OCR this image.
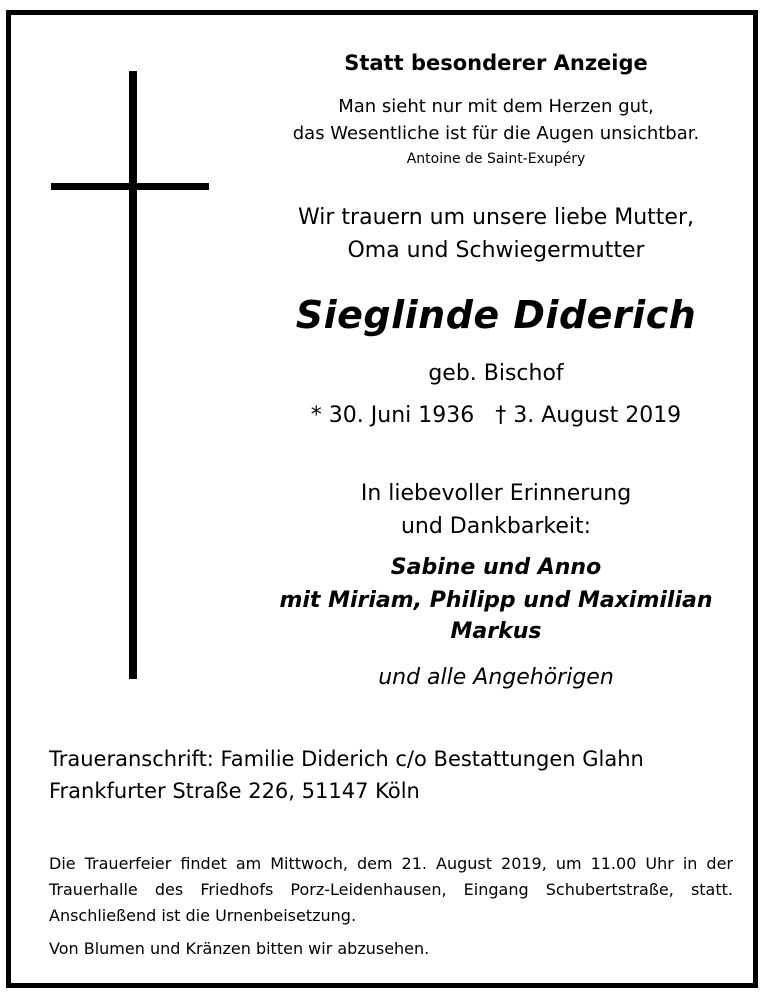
Statt besonderer Anzeige
Man sieht nur mit dem Herzen gut,
das Wesentliche ist für die Augen unsichtbar.
Antoine de Saint-Exupéry
Wir trauern um unsere liebe Mutter,
Oma und Schwiegermutter
Sieglinde Diderich
geb. Bischof
* 30. Juni 1936 † 3. August 2019
In liebevoller Erinnerung
und Dankbarkeit:
Sabine und Anno
mit Miriam, Philipp und Maximilian
Markus
und alle Angehörigen
Traueranschrift: Familie Diderich c/o Bestattungen Glahn
Frankfurter Straße 226, 51147 Köln
Die Trauerfeier findet am Mittwoch, dem 21. August 2019, um 11.00 Uhr in der Trauerhalle des Friedhofs Porz-Leidenhausen, Eingang Schubertstraße, statt. Anschließend ist die Urnenbeisetzung.
Von Blumen und Kränzen bitten wir abzusehen.
